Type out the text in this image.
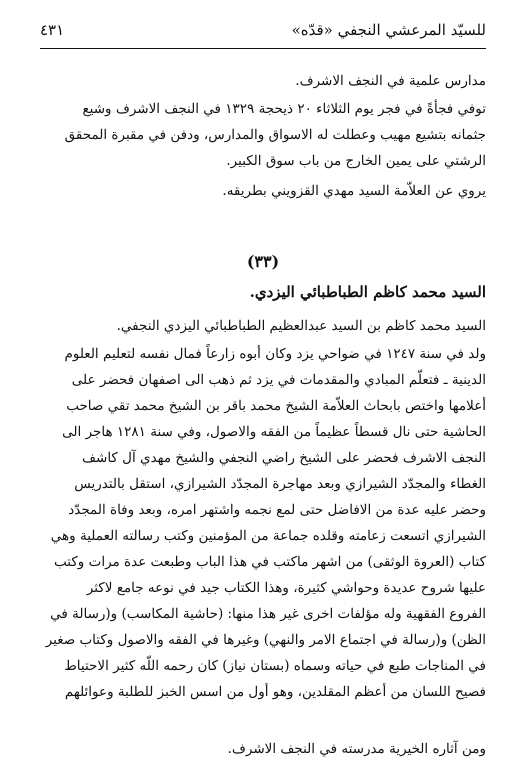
للسيّد المرعشي النجفي «قدّه»
٤٣١

مدارس علمية في النجف الاشرف.

توفي فجأةً في فجر يوم الثلاثاء ٢٠ ذيحجة ١٣٢٩ في النجف الاشرف وشيع
جثمانه بتشيع مهيب وعطلت له الاسواق والمدارس، ودفن في مقبرة المحقق
الرشتي على يمين الخارج من باب سوق الكبير.

يروي عن العلاّمة السيد مهدي القزويني بطريقه.

(٣٣)
السيد محمد كاظم الطباطبائي اليزدي.

السيد محمد كاظم بن السيد عبدالعظيم الطباطبائي اليزدي النجفي.

ولد في سنة ١٢٤٧ في ضواحي يزد وكان أبوه زارعاً فمال نفسه لتعليم العلوم
الدينية ـ فتعلّم المبادي والمقدمات في يزد ثم ذهب الى اصفهان فحضر على
أعلامها واختص بابحاث العلاّمة الشيخ محمد باقر بن الشيخ محمد تقي صاحب
الحاشية حتى نال قسطاً عظيماً من الفقه والاصول، وفي سنة ١٢٨١ هاجر الى
النجف الاشرف فحضر على الشيخ راضي النجفي والشيخ مهدي آل كاشف
الغطاء والمجدّد الشيرازي وبعد مهاجرة المجدّد الشيرازي، استقل بالتدريس
وحضر عليه عدة من الافاضل حتى لمع نجمه واشتهر امره، وبعد وفاة المجدّد
الشيرازي اتسعت زعامته وقلده جماعة من المؤمنين وكتب رسالته العملية وهي
كتاب (العروة الوثقى) من اشهر ماكتب في هذا الباب وطبعت عدة مرات وكتب
عليها شروح عديدة وحواشي كثيرة، وهذا الكتاب جيد في نوعه جامع لاكثر
الفروع الفقهية وله مؤلفات اخرى غير هذا منها: (حاشية المكاسب) و(رسالة في
الظن) و(رسالة في اجتماع الامر والنهي) وغيرها في الفقه والاصول وكتاب صغير
في المناجات طبع في حياته وسماه (بستان نياز) كان رحمه اللّه كثير الاحتياط
فصيح اللسان من أعظم المقلدين، وهو أول من اسس الخبز للطلبة وعوائلهم

ومن آثاره الخيرية مدرسته في النجف الاشرف.
